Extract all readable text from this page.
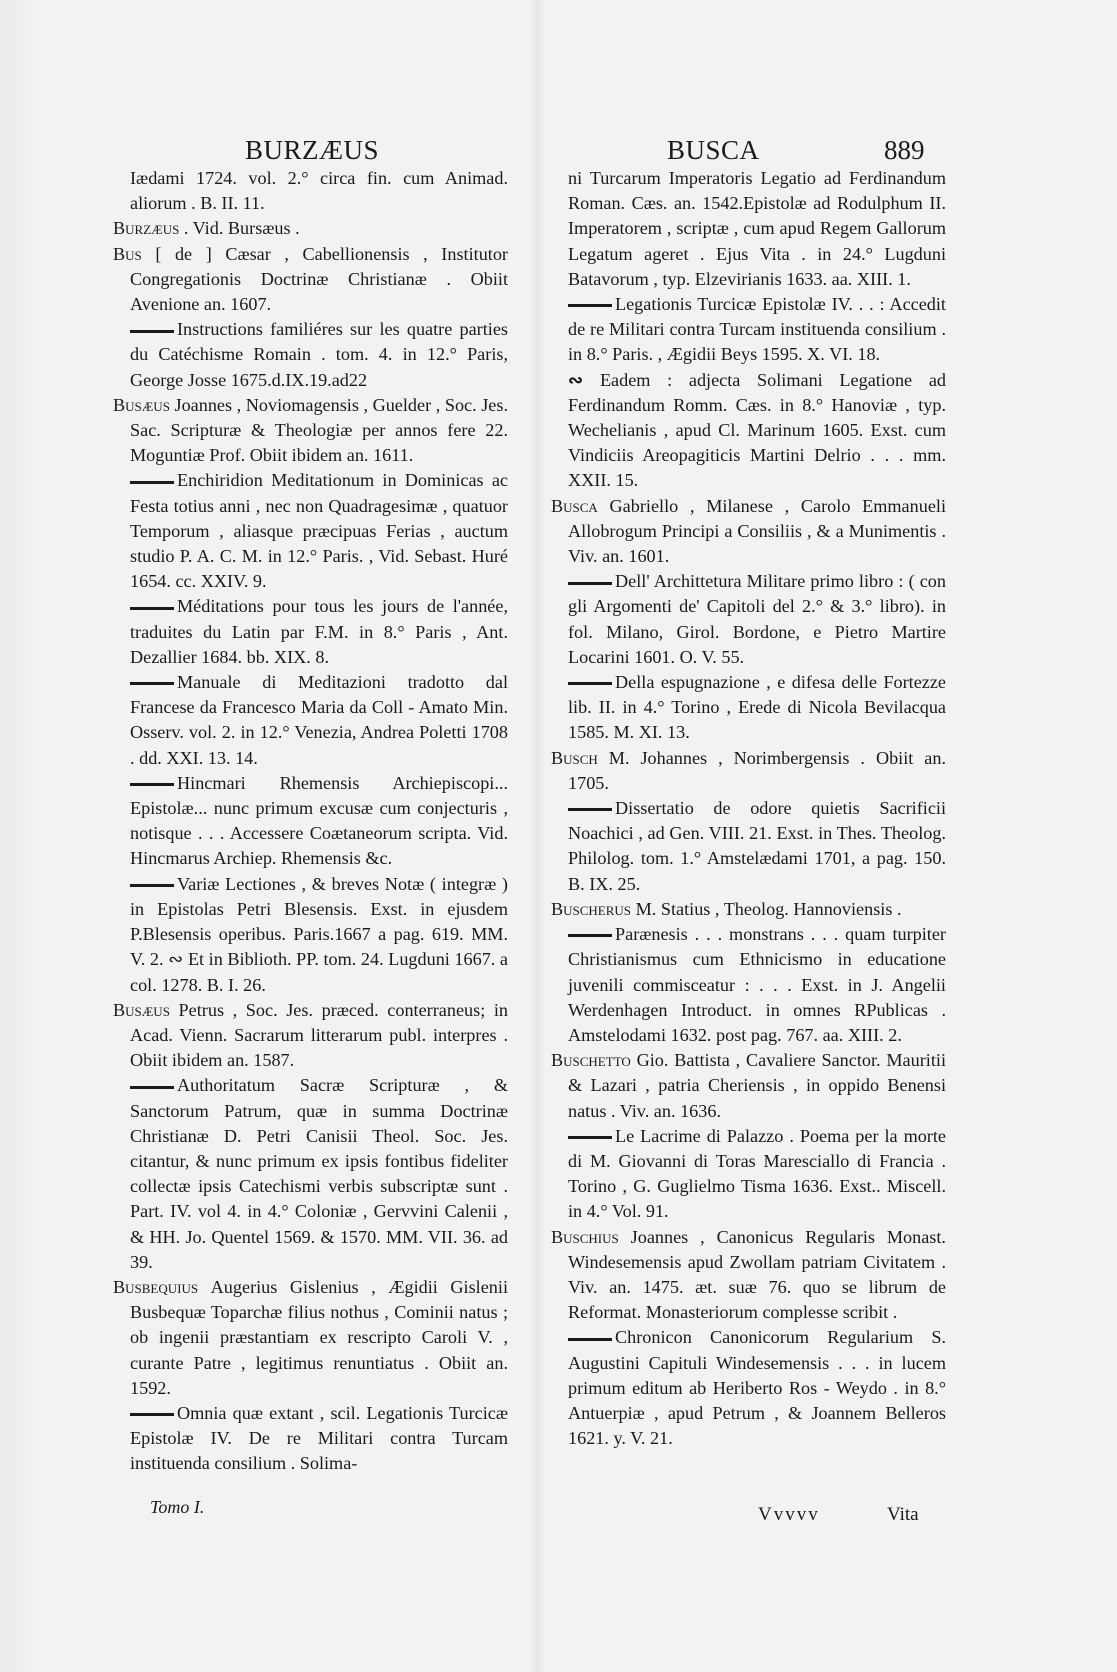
BURZÆUS	BUSCA	889

Iædami 1724. vol. 2.° circa fin. cum Animad. aliorum . B. II. 11.

Burzæus . Vid. Bursæus .

Bus [ de ] Cæsar , Cabellionensis , Institutor Congregationis Doctrinæ Christianæ . Obiit Avenione an. 1607.

Instructions familiéres sur les quatre parties du Catéchisme Romain . tom. 4. in 12.° Paris, George Josse 1675.d.IX.19.ad22

Busæus Joannes , Noviomagensis , Guelder , Soc. Jes. Sac. Scripturæ & Theologiæ per annos fere 22. Moguntiæ Prof. Obiit ibidem an. 1611.

Enchiridion Meditationum in Dominicas ac Festa totius anni , nec non Quadragesimæ , quatuor Temporum , aliasque præcipuas Ferias , auctum studio P. A. C. M. in 12.° Paris. , Vid. Sebast. Huré 1654. cc. XXIV. 9.

Méditations pour tous les jours de l'année, traduites du Latin par F.M. in 8.° Paris , Ant. Dezallier 1684. bb. XIX. 8.

Manuale di Meditazioni tradotto dal Francese da Francesco Maria da Coll - Amato Min. Osserv. vol. 2. in 12.° Venezia, Andrea Poletti 1708 . dd. XXI. 13. 14.

Hincmari Rhemensis Archiepiscopi... Epistolæ... nunc primum excusæ cum conjecturis , notisque . . . Accessere Coætaneorum scripta. Vid. Hincmarus Archiep. Rhemensis &c.

Variæ Lectiones , & breves Notæ ( integræ ) in Epistolas Petri Blesensis. Exst. in ejusdem P.Blesensis operibus. Paris.1667 a pag. 619. MM. V. 2. ∾ Et in Biblioth. PP. tom. 24. Lugduni 1667. a col. 1278. B. I. 26.

Busæus Petrus , Soc. Jes. præced. conterraneus; in Acad. Vienn. Sacrarum litterarum publ. interpres . Obiit ibidem an. 1587.

Authoritatum Sacræ Scripturæ , & Sanctorum Patrum, quæ in summa Doctrinæ Christianæ D. Petri Canisii Theol. Soc. Jes. citantur, & nunc primum ex ipsis fontibus fideliter collectæ ipsis Catechismi verbis subscriptæ sunt . Part. IV. vol 4. in 4.° Coloniæ , Gervvini Calenii , & HH. Jo. Quentel 1569. & 1570. MM. VII. 36. ad 39.

Busbequius Augerius Gislenius , Ægidii Gislenii Busbequæ Toparchæ filius nothus , Cominii natus ; ob ingenii præstantiam ex rescripto Caroli V. , curante Patre , legitimus renuntiatus . Obiit an. 1592.

Omnia quæ extant , scil. Legationis Turcicæ Epistolæ IV. De re Militari contra Turcam instituenda consilium . Solima-

ni Turcarum Imperatoris Legatio ad Ferdinandum Roman. Cæs. an. 1542.Epistolæ ad Rodulphum II. Imperatorem , scriptæ , cum apud Regem Gallorum Legatum ageret . Ejus Vita . in 24.° Lugduni Batavorum , typ. Elzevirianis 1633. aa. XIII. 1.

Legationis Turcicæ Epistolæ IV. . . : Accedit de re Militari contra Turcam instituenda consilium . in 8.° Paris. , Ægidii Beys 1595. X. VI. 18.

∾ Eadem : adjecta Solimani Legatione ad Ferdinandum Romm. Cæs. in 8.° Hanoviæ , typ. Wechelianis , apud Cl. Marinum 1605. Exst. cum Vindiciis Areopagiticis Martini Delrio . . . mm. XXII. 15.

Busca Gabriello , Milanese , Carolo Emmanueli Allobrogum Principi a Consiliis , & a Munimentis . Viv. an. 1601.

Dell' Archittetura Militare primo libro : ( con gli Argomenti de' Capitoli del 2.° & 3.° libro). in fol. Milano, Girol. Bordone, e Pietro Martire Locarini 1601. O. V. 55.

Della espugnazione , e difesa delle Fortezze lib. II. in 4.° Torino , Erede di Nicola Bevilacqua 1585. M. XI. 13.

Busch M. Johannes , Norimbergensis . Obiit an. 1705.

Dissertatio de odore quietis Sacrificii Noachici , ad Gen. VIII. 21. Exst. in Thes. Theolog. Philolog. tom. 1.° Amstelædami 1701, a pag. 150. B. IX. 25.

Buscherus M. Statius , Theolog. Hannoviensis .

Parænesis . . . monstrans . . . quam turpiter Christianismus cum Ethnicismo in educatione juvenili commisceatur : . . . Exst. in J. Angelii Werdenhagen Introduct. in omnes RPublicas . Amstelodami 1632. post pag. 767. aa. XIII. 2.

Buschetto Gio. Battista , Cavaliere Sanctor. Mauritii & Lazari , patria Cheriensis , in oppido Benensi natus . Viv. an. 1636.

Le Lacrime di Palazzo . Poema per la morte di M. Giovanni di Toras Maresciallo di Francia . Torino , G. Guglielmo Tisma 1636. Exst.. Miscell. in 4.° Vol. 91.

Buschius Joannes , Canonicus Regularis Monast. Windesemensis apud Zwollam patriam Civitatem . Viv. an. 1475. æt. suæ 76. quo se librum de Reformat. Monasteriorum complesse scribit .

Chronicon Canonicorum Regularium S. Augustini Capituli Windesemensis . . . in lucem primum editum ab Heriberto Ros - Weydo . in 8.° Antuerpiæ , apud Petrum , & Joannem Belleros 1621. y. V. 21.

Tomo I.	Vvvvv	Vita
